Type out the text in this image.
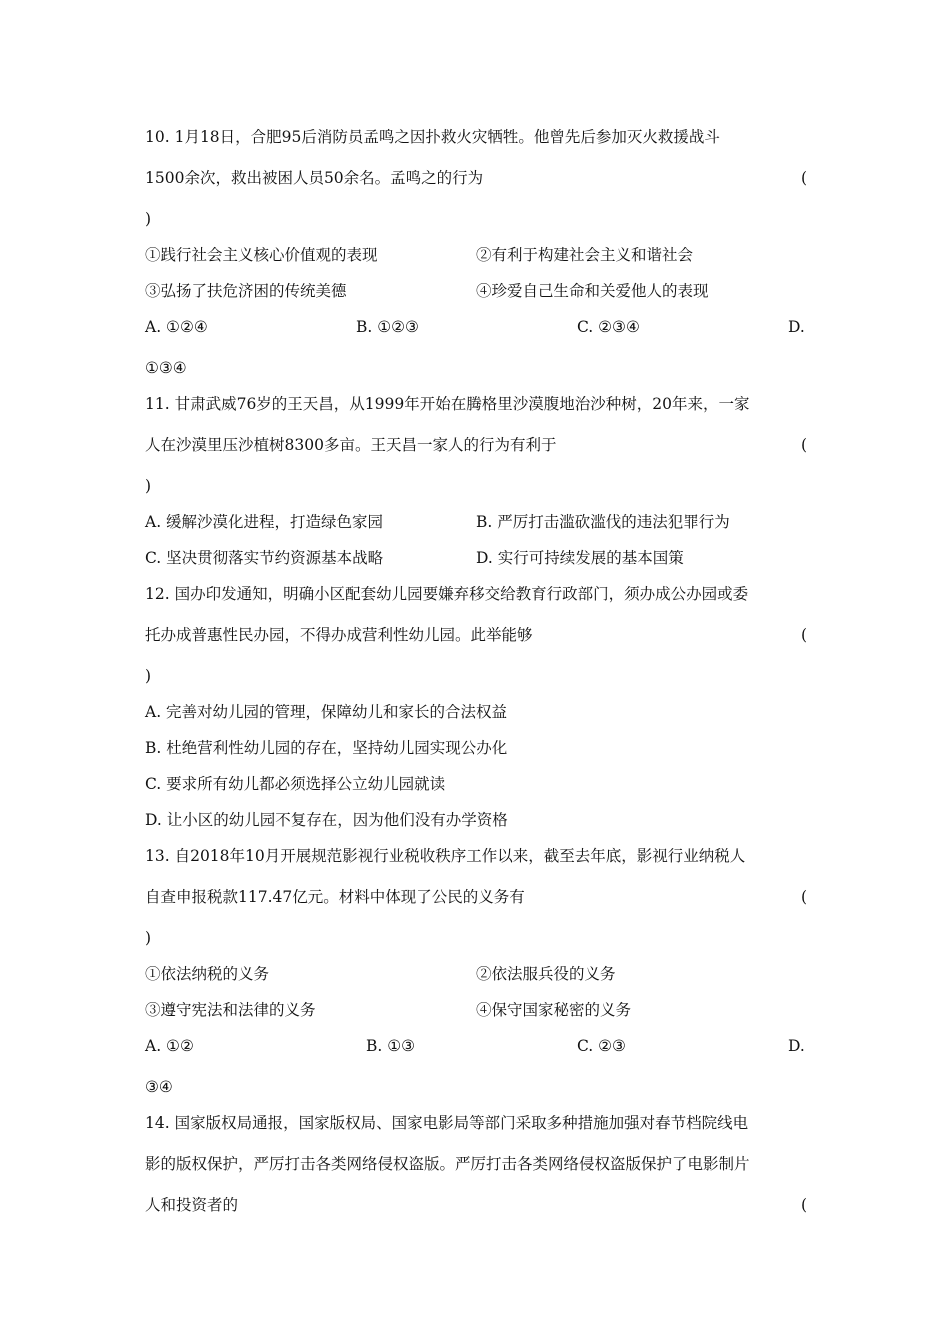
10. 1月18日，合肥95后消防员孟鸣之因扑救火灾牺牲。他曾先后参加灭火救援战斗
1500余次，救出被困人员50余名。孟鸣之的行为	(
)
①践行社会主义核心价值观的表现	②有利于构建社会主义和谐社会
③弘扬了扶危济困的传统美德	④珍爱自己生命和关爱他人的表现
A. ①②④	B. ①②③	C. ②③④	D.
①③④
11. 甘肃武威76岁的王天昌，从1999年开始在腾格里沙漠腹地治沙种树，20年来，一家
人在沙漠里压沙植树8300多亩。王天昌一家人的行为有利于	(
)
A. 缓解沙漠化进程，打造绿色家园	B. 严厉打击滥砍滥伐的违法犯罪行为
C. 坚决贯彻落实节约资源基本战略	D. 实行可持续发展的基本国策
12. 国办印发通知，明确小区配套幼儿园要嫌弃移交给教育行政部门，须办成公办园或委
托办成普惠性民办园，不得办成营利性幼儿园。此举能够	(
)
A. 完善对幼儿园的管理，保障幼儿和家长的合法权益
B. 杜绝营利性幼儿园的存在，坚持幼儿园实现公办化
C. 要求所有幼儿都必须选择公立幼儿园就读
D. 让小区的幼儿园不复存在，因为他们没有办学资格
13. 自2018年10月开展规范影视行业税收秩序工作以来，截至去年底，影视行业纳税人
自查申报税款117.47亿元。材料中体现了公民的义务有	(
)
①依法纳税的义务	②依法服兵役的义务
③遵守宪法和法律的义务	④保守国家秘密的义务
A. ①②	B. ①③	C. ②③	D.
③④
14. 国家版权局通报，国家版权局、国家电影局等部门采取多种措施加强对春节档院线电
影的版权保护，严厉打击各类网络侵权盗版。严厉打击各类网络侵权盗版保护了电影制片
人和投资者的	(
